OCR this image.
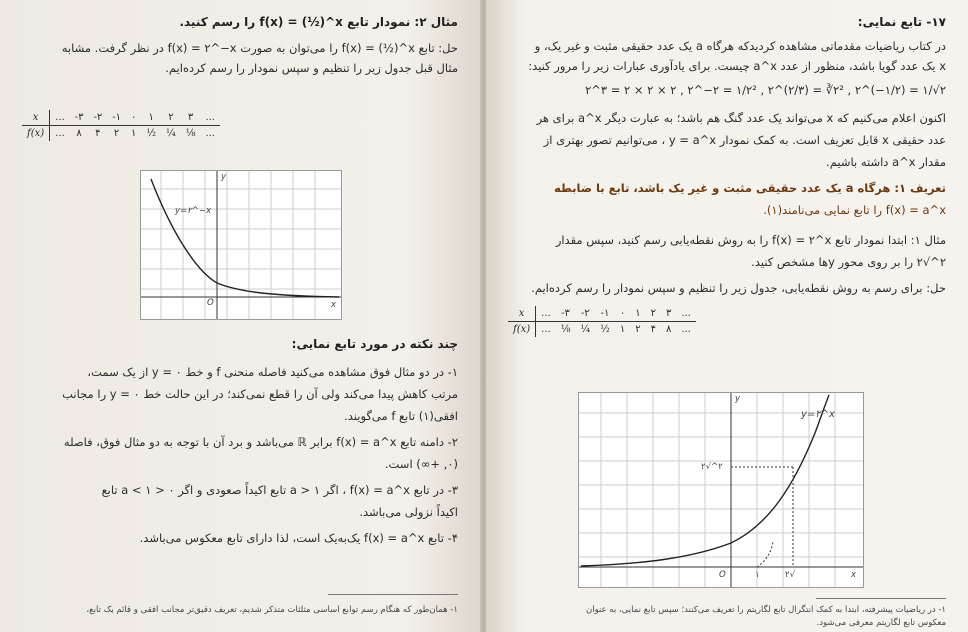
مثال ۲: نمودار تابع f(x) = (½)^x را رسم کنید.
حل: تابع f(x) = (½)^x را می‌توان به صورت f(x) = ۲^−x در نظر گرفت. مشابه
مثال قبل جدول زیر را تنظیم و سپس نمودار را رسم کرده‌ایم.
x	...	-۳	-۲	-۱	۰	۱	۲	۳	...
f(x)	...	۸	۴	۲	۱	½	¼	⅛	...
y=۲^−x
y
x
O
چند نکته در مورد تابع نمایی:
۱- در دو مثال فوق مشاهده می‌کنید فاصله منحنی f و خط y = ۰ از یک سمت،
مرتب کاهش پیدا می‌کند ولی آن را قطع نمی‌کند؛ در این حالت خط y = ۰ را مجانب
افقی(۱) تابع f می‌گویند.
۲- دامنه تابع f(x) = a^x برابر ℝ می‌باشد و برد آن با توجه به دو مثال فوق، فاصله
(۰, +∞) است.
۳- در تابع f(x) = a^x ، اگر a > ۱ تابع اکیداً صعودی و اگر ۰ < a < ۱ تابع
اکیداً نزولی می‌باشد.
۴- تابع f(x) = a^x یک‌به‌یک است، لذا دارای تابع معکوس می‌باشد.
۱- همان‌طور که هنگام رسم توابع اساسی مثلثات متذکر شدیم، تعریف دقیق‌تر مجانب افقی و قائم یک تابع،
۱۷- تابع نمایی:
در کتاب ریاضیات مقدماتی مشاهده کردیدکه هرگاه a یک عدد حقیقی مثبت و غیر یک، و
x یک عدد گویا باشد، منظور از عدد a^x چیست. برای یادآوری عبارات زیر را مرور کنید:
۲^۳ = ۲ × ۲ × ۲ , ۲^−۲ = ۱/۲² , ۲^(۲/۳) = ∛۲² , ۲^(−۱/۲) = ۱/√۲
اکنون اعلام می‌کنیم که x می‌تواند یک عدد گنگ هم باشد؛ به عبارت دیگر a^x برای هر
عدد حقیقی x قابل تعریف است. به کمک نمودار y = a^x ، می‌توانیم تصور بهتری از
مقدار a^x داشته باشیم.
تعریف ۱: هرگاه a یک عدد حقیقی مثبت و غیر یک باشد، تابع با ضابطه
f(x) = a^x را تابع نمایی می‌نامند(۱).
مثال ۱: ابتدا نمودار تابع f(x) = ۲^x را به روش نقطه‌یابی رسم کنید، سپس مقدار
۲^√۲ را بر روی محور yها مشخص کنید.
حل: برای رسم به روش نقطه‌یابی، جدول زیر را تنظیم و سپس نمودار را رسم کرده‌ایم.
x	...	-۳	-۲	-۱	۰	۱	۲	۳	...
f(x)	...	⅛	¼	½	۱	۲	۴	۸	...
y=۲^x
y
x
O
۲^√۲
۱	√۲
۱- در ریاضیات پیشرفته، ابتدا به کمک انتگرال تابع لگاریتم را تعریف می‌کنند؛ سپس تابع نمایی، به عنوان
معکوس تابع لگاریتم معرفی می‌شود.
